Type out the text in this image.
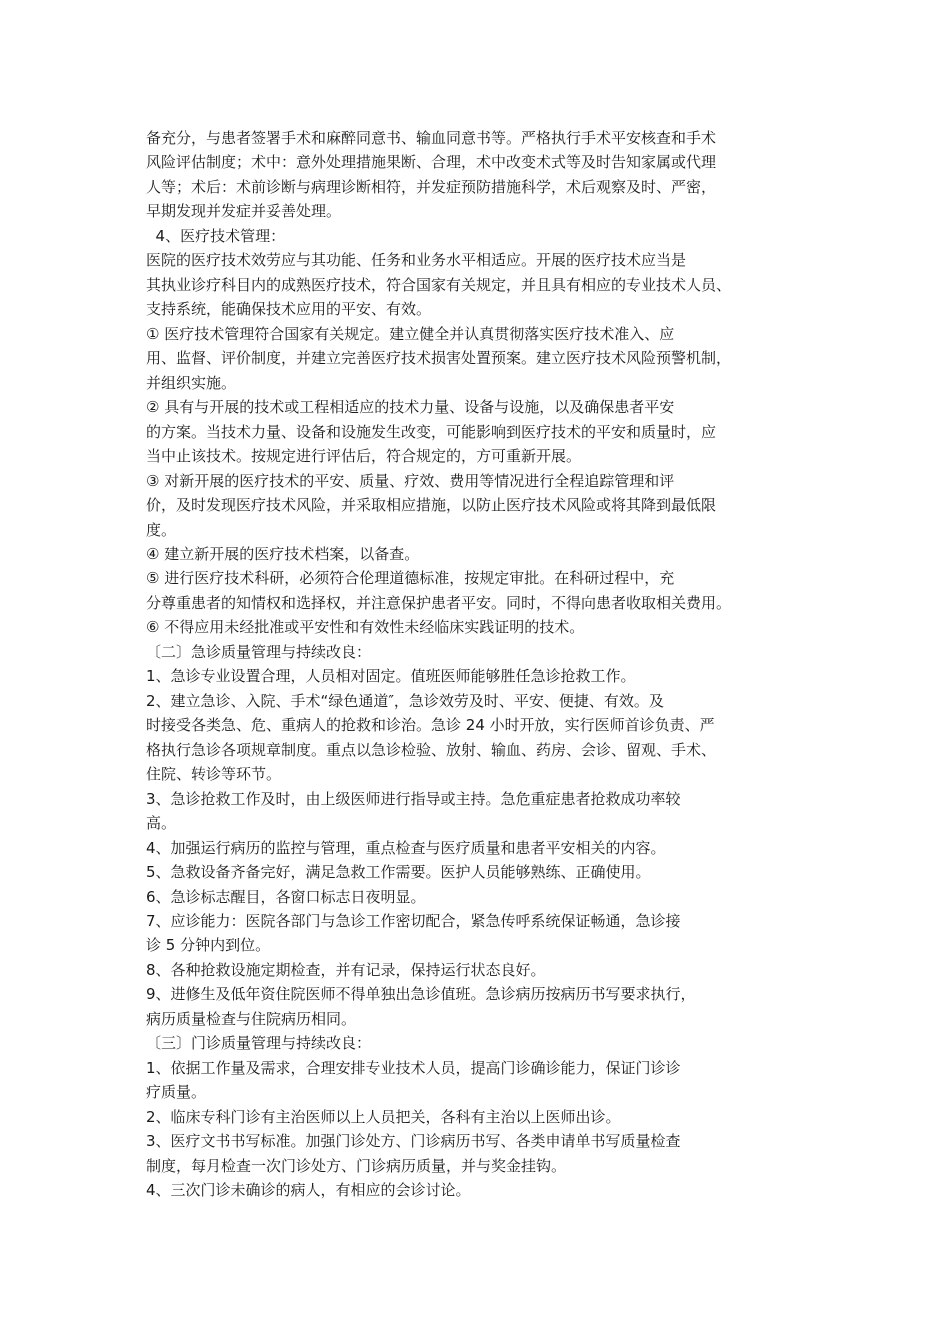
备充分，与患者签署手术和麻醉同意书、输血同意书等。严格执行手术平安核查和手术
风险评估制度；术中：意外处理措施果断、合理，术中改变术式等及时告知家属或代理
人等；术后：术前诊断与病理诊断相符，并发症预防措施科学，术后观察及时、严密，
早期发现并发症并妥善处理。
4、医疗技术管理：
医院的医疗技术效劳应与其功能、任务和业务水平相适应。开展的医疗技术应当是
其执业诊疗科目内的成熟医疗技术，符合国家有关规定，并且具有相应的专业技术人员、
支持系统，能确保技术应用的平安、有效。
① 医疗技术管理符合国家有关规定。建立健全并认真贯彻落实医疗技术准入、应
用、监督、评价制度，并建立完善医疗技术损害处置预案。建立医疗技术风险预警机制，
并组织实施。
② 具有与开展的技术或工程相适应的技术力量、设备与设施，以及确保患者平安
的方案。当技术力量、设备和设施发生改变，可能影响到医疗技术的平安和质量时，应
当中止该技术。按规定进行评估后，符合规定的，方可重新开展。
③ 对新开展的医疗技术的平安、质量、疗效、费用等情况进行全程追踪管理和评
价，及时发现医疗技术风险，并采取相应措施，以防止医疗技术风险或将其降到最低限
度。
④ 建立新开展的医疗技术档案，以备查。
⑤ 进行医疗技术科研，必须符合伦理道德标准，按规定审批。在科研过程中，充
分尊重患者的知情权和选择权，并注意保护患者平安。同时，不得向患者收取相关费用。
⑥ 不得应用未经批准或平安性和有效性未经临床实践证明的技术。
〔二〕急诊质量管理与持续改良：
1、急诊专业设置合理，人员相对固定。值班医师能够胜任急诊抢救工作。
2、建立急诊、入院、手术“绿色通道″，急诊效劳及时、平安、便捷、有效。及
时接受各类急、危、重病人的抢救和诊治。急诊 24 小时开放，实行医师首诊负责、严
格执行急诊各项规章制度。重点以急诊检验、放射、输血、药房、会诊、留观、手术、
住院、转诊等环节。
3、急诊抢救工作及时，由上级医师进行指导或主持。急危重症患者抢救成功率较
高。
4、加强运行病历的监控与管理，重点检查与医疗质量和患者平安相关的内容。
5、急救设备齐备完好，满足急救工作需要。医护人员能够熟练、正确使用。
6、急诊标志醒目，各窗口标志日夜明显。
7、应诊能力：医院各部门与急诊工作密切配合，紧急传呼系统保证畅通，急诊接
诊 5 分钟内到位。
8、各种抢救设施定期检查，并有记录，保持运行状态良好。
9、进修生及低年资住院医师不得单独出急诊值班。急诊病历按病历书写要求执行，
病历质量检查与住院病历相同。
〔三〕门诊质量管理与持续改良：
1、依据工作量及需求，合理安排专业技术人员，提高门诊确诊能力，保证门诊诊
疗质量。
2、临床专科门诊有主治医师以上人员把关，各科有主治以上医师出诊。
3、医疗文书书写标准。加强门诊处方、门诊病历书写、各类申请单书写质量检查
制度，每月检查一次门诊处方、门诊病历质量，并与奖金挂钩。
4、三次门诊未确诊的病人，有相应的会诊讨论。
